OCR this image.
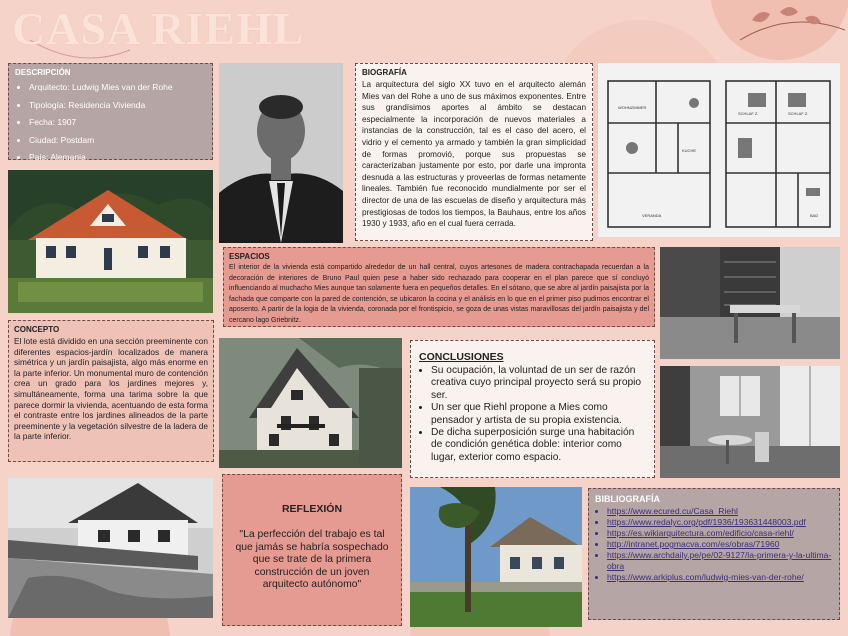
CASA RIEHL
DESCRIPCIÓN
• Arquitecto: Ludwig Mies van der Rohe
• Tipología: Residencia Vivienda
• Fecha: 1907
• Ciudad: Postdam
• País: Alemania
BIOGRAFÍA
La arquitectura del siglo XX tuvo en el arquitecto alemán Mies van del Rohe a uno de sus máximos exponentes. Entre sus grandísimos aportes al ámbito se destacan especialmente la incorporación de nuevos materiales a instancias de la construcción, tal es el caso del acero, el vidrio y el cemento ya armado y también la gran simplicidad de formas promovió, porque sus propuestas se caracterizaban justamente por esto, por darle una impronta desnuda a las estructuras y proveerlas de formas netamente lineales. También fue reconocido mundialmente por ser el director de una de las escuelas de diseño y arquitectura más prestigiosas de todos los tiempos, la Bauhaus, entre los años 1930 y 1933, año en el cual fuera cerrada.
WOHNZIMMER
KUCHE
VERANDA
SCHLAF Z.	SCHLAF Z.
BAD
ESPACIOS
El interior de la vivienda está compartido alrededor de un hall central, cuyos artesones de madera contrachapada recuerdan a la decoración de interiores de Bruno Paul quien pese a haber sido rechazado para cooperar en el plan parece que sí concluyó influenciando al muchacho Mies aunque tan solamente fuera en pequeños detalles. En el sótano, que se abre al jardín paisajista por la fachada que comparte con la pared de contención, se ubicaron la cocina y el análisis en lo que en el primer piso pudimos encontrar el aposento. A partir de la logia de la vivienda, coronada por el frontispicio, se goza de unas vistas maravillosas del jardín paisajista y del cercano lago Griebnitz.
CONCEPTO
El lote está dividido en una sección preeminente con diferentes espacios-jardín localizados de manera simétrica y un jardín paisajista, algo más enorme en la parte inferior. Un monumental muro de contención crea un grado para los jardines mejores y, simultáneamente, forma una tarima sobre la que parece dormir la vivienda, acentuando de esta forma el contraste entre los jardines alineados de la parte preeminente y la vegetación silvestre de la ladera de la parte inferior.
CONCLUSIONES
• Su ocupación, la voluntad de un ser de razón creativa cuyo principal proyecto será su propio ser.
• Un ser que Riehl propone a Mies como pensador y artista de su propia existencia.
• De dicha superposición surge una habitación de condición genética doble: interior como lugar, exterior como espacio.
REFLEXIÓN
"La perfección del trabajo es tal que jamás se habría sospechado que se trate de la primera construcción de un joven arquitecto autónomo"
BIBLIOGRAFÍA
• https://www.ecured.cu/Casa_Riehl
• https://www.redalyc.org/pdf/1936/193631448003.pdf
• https://es.wikiarquitectura.com/edificio/casa-riehl/
• http://intranet.pogmacva.com/es/obras/71960
• https://www.archdaily.pe/pe/02-9127/la-primera-y-la-ultima-obra
• https://www.arkiplus.com/ludwig-mies-van-der-rohe/
